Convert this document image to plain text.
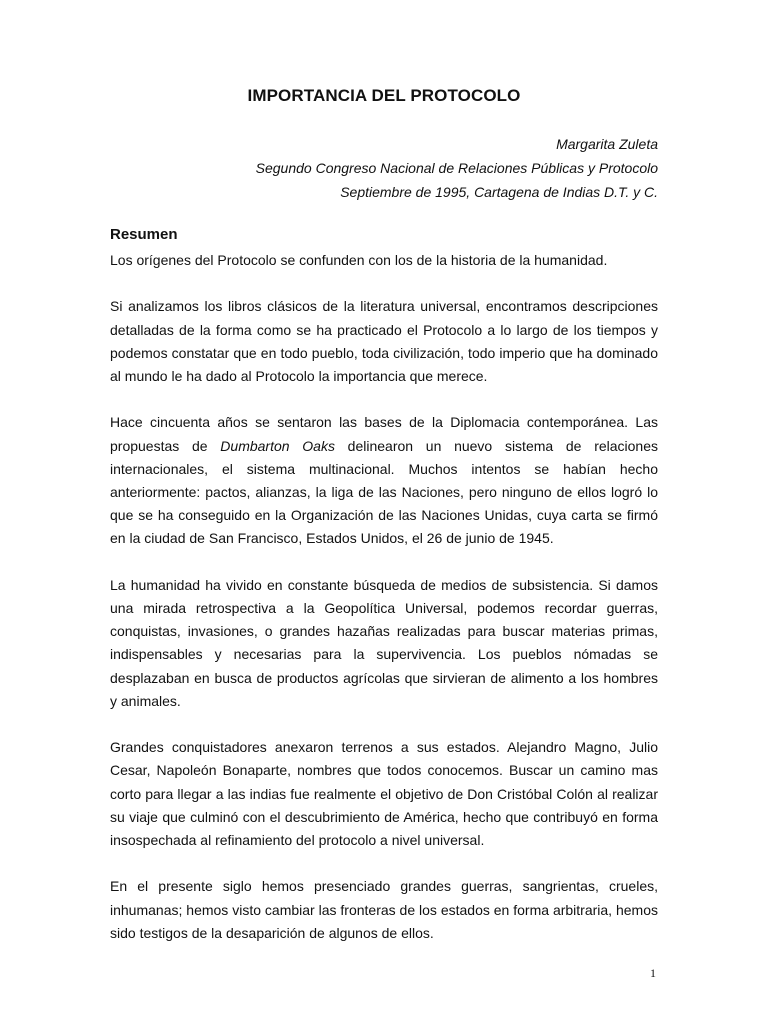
IMPORTANCIA DEL PROTOCOLO
Margarita Zuleta
Segundo Congreso Nacional de Relaciones Públicas y Protocolo
Septiembre de 1995, Cartagena de Indias D.T. y C.
Resumen

Los orígenes del Protocolo se confunden con los de la historia de la humanidad.

Si analizamos los libros clásicos de la literatura universal, encontramos descripciones detalladas de la forma como se ha practicado el Protocolo a lo largo de los tiempos y podemos constatar que en todo pueblo, toda civilización, todo imperio que ha dominado al mundo le ha dado al Protocolo la importancia que merece.

Hace cincuenta años se sentaron las bases de la Diplomacia contemporánea. Las propuestas de Dumbarton Oaks delinearon un nuevo sistema de relaciones internacionales, el sistema multinacional. Muchos intentos se habían hecho anteriormente: pactos, alianzas, la liga de las Naciones, pero ninguno de ellos logró lo que se ha conseguido en la Organización de las Naciones Unidas, cuya carta se firmó en la ciudad de San Francisco, Estados Unidos, el 26 de junio de 1945.

La humanidad ha vivido en constante búsqueda de medios de subsistencia. Si damos una mirada retrospectiva a la Geopolítica Universal, podemos recordar guerras, conquistas, invasiones, o grandes hazañas realizadas para buscar materias primas, indispensables y necesarias para la supervivencia. Los pueblos nómadas se desplazaban en busca de productos agrícolas que sirvieran de alimento a los hombres y animales.

Grandes conquistadores anexaron terrenos a sus estados. Alejandro Magno, Julio Cesar, Napoleón Bonaparte, nombres que todos conocemos. Buscar un camino mas corto para llegar a las indias fue realmente el objetivo de Don Cristóbal Colón al realizar su viaje que culminó con el descubrimiento de América, hecho que contribuyó en forma insospechada al refinamiento del protocolo a nivel universal.

En el presente siglo hemos presenciado grandes guerras, sangrientas, crueles, inhumanas; hemos visto cambiar las fronteras de los estados en forma arbitraria, hemos sido testigos de la desaparición de algunos de ellos.

1
